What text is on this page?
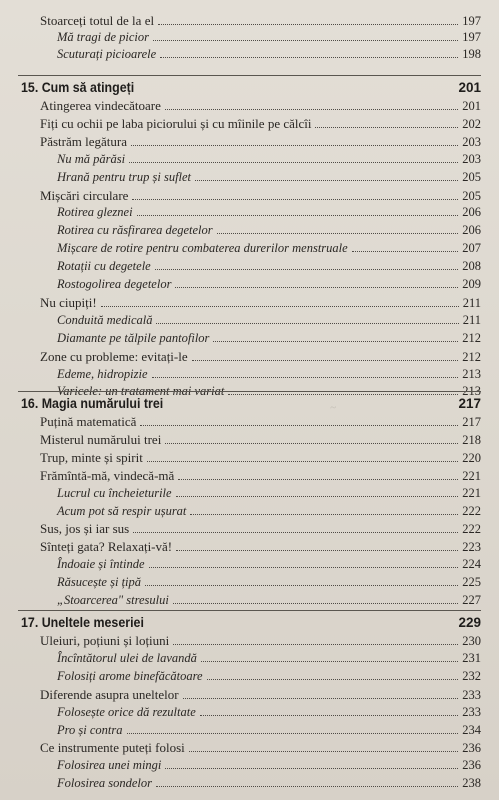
~
Stoarceți totul de la el	197
Mă tragi de picior	197
Scuturați picioarele	198
15. Cum să atingeți	201
Atingerea vindecătoare	201
Fiți cu ochii pe laba piciorului și cu mîinile pe călcîi	202
Păstrăm legătura	203
Nu mă părăsi	203
Hrană pentru trup și suflet	205
Mișcări circulare	205
Rotirea gleznei	206
Rotirea cu răsfirarea degetelor	206
Mișcare de rotire pentru combaterea durerilor menstruale	207
Rotații cu degetele	208
Rostogolirea degetelor	209
Nu ciupiți!	211
Conduită medicală	211
Diamante pe tălpile pantofilor	212
Zone cu probleme: evitați-le	212
Edeme, hidropizie	213
Varicele: un tratament mai variat	213
16. Magia numărului trei	217
Puțină matematică	217
Misterul numărului trei	218
Trup, minte și spirit	220
Frămîntă-mă, vindecă-mă	221
Lucrul cu încheieturile	221
Acum pot să respir ușurat	222
Sus, jos și iar sus	222
Sînteți gata? Relaxați-vă!	223
Îndoaie și întinde	224
Răsucește și țipă	225
„Stoarcerea" stresului	227
17. Uneltele meseriei	229
Uleiuri, poțiuni și loțiuni	230
Încîntătorul ulei de lavandă	231
Folosiți arome binefăcătoare	232
Diferende asupra uneltelor	233
Folosește orice dă rezultate	233
Pro și contra	234
Ce instrumente puteți folosi	236
Folosirea unei mingi	236
Folosirea sondelor	238
